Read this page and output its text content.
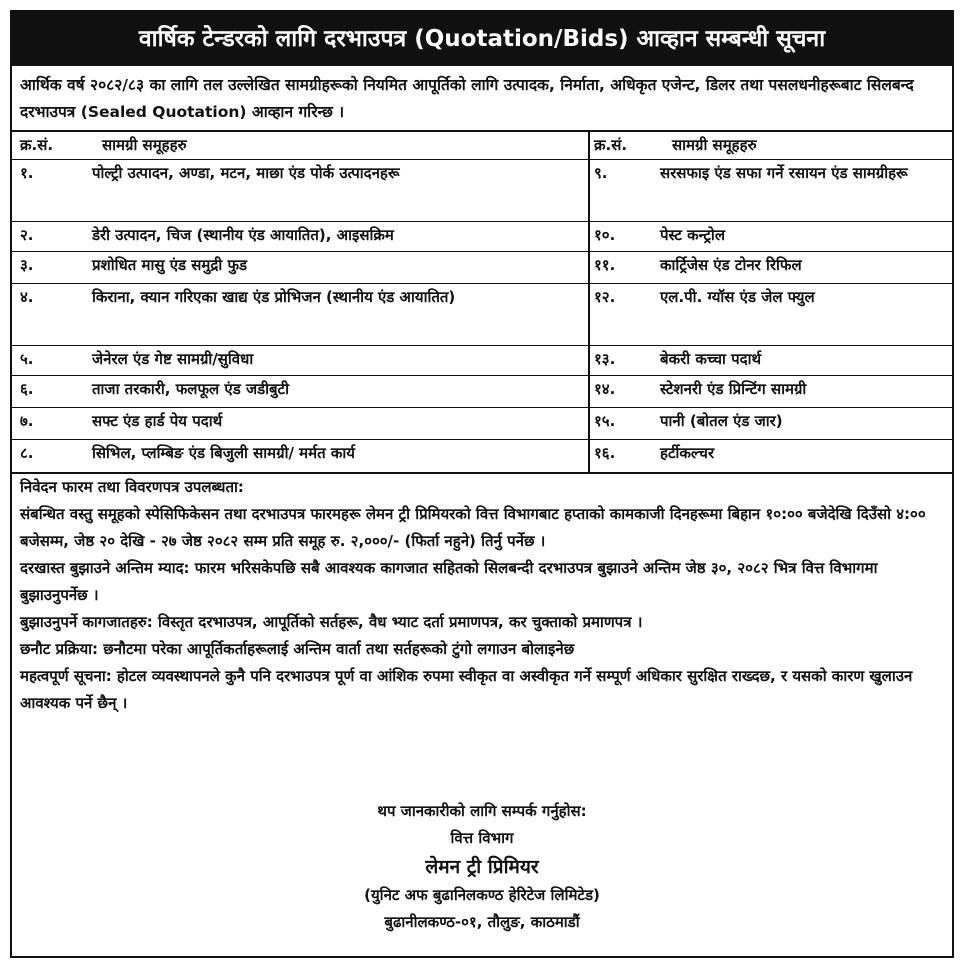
वार्षिक टेन्डरको लागि दरभाउपत्र (Quotation/Bids) आव्हान सम्बन्धी सूचना
आर्थिक वर्ष २०८२/८३ का लागि तल उल्लेखित सामग्रीहरूको नियमित आपूर्तिको लागि उत्पादक, निर्माता, अधिकृत एजेन्ट, डिलर तथा पसलधनीहरूबाट सिलबन्द दरभाउपत्र (Sealed Quotation) आव्हान गरिन्छ ।
क्र.सं.	सामग्री समूहहरु	क्र.सं.	सामग्री समूहहरु
१.	पोल्ट्री उत्पादन, अण्डा, मटन, माछा एंड पोर्क उत्पादनहरू	९.	सरसफाइ एंड सफा गर्ने रसायन एंड सामग्रीहरू
२.	डेरी उत्पादन, चिज (स्थानीय एंड आयातित), आइसक्रिम	१०.	पेस्ट कन्ट्रोल
३.	प्रशोधित मासु एंड समुद्री फुड	११.	कार्ट्रिजेस एंड टोनर रिफिल
४.	किराना, क्यान गरिएका खाद्य एंड प्रोभिजन (स्थानीय एंड आयातित)	१२.	एल.पी. ग्यॉस एंड जेल फ्युल
५.	जेनेरल एंड गेष्ट सामग्री/सुविधा	१३.	बेकरी कच्चा पदार्थ
६.	ताजा तरकारी, फलफूल एंड जडीबुटी	१४.	स्टेशनरी एंड प्रिन्टिंग सामग्री
७.	सफ्ट एंड हार्ड पेय पदार्थ	१५.	पानी (बोतल एंड जार)
८.	सिभिल, प्लम्बिङ एंड बिजुली सामग्री/ मर्मत कार्य	१६.	हर्टीकल्चर

निवेदन फारम तथा विवरणपत्र उपलब्धता:

संबन्धित वस्तु समूहको स्पेसिफिकेसन तथा दरभाउपत्र फारमहरू लेमन ट्री प्रिमियरको वित्त विभागबाट हप्ताको कामकाजी दिनहरूमा बिहान १०:०० बजेदेखि दिउँसो ४:०० बजेसम्म, जेष्ठ २० देखि - २७ जेष्ठ २०८२ सम्म प्रति समूह रु. २,०००/- (फिर्ता नहुने) तिर्नु पर्नेछ ।

दरखास्त बुझाउने अन्तिम म्याद: फारम भरिसकेपछि सबै आवश्यक कागजात सहितको सिलबन्दी दरभाउपत्र बुझाउने अन्तिम जेष्ठ ३०, २०८२ भित्र वित्त विभागमा बुझाउनुपर्नेछ ।

बुझाउनुपर्ने कागजातहरु: विस्तृत दरभाउपत्र, आपूर्तिको सर्तहरू, वैध भ्याट दर्ता प्रमाणपत्र, कर चुक्ताको प्रमाणपत्र ।

छनौट प्रक्रिया: छनौटमा परेका आपूर्तिकर्ताहरूलाई अन्तिम वार्ता तथा सर्तहरूको टुंगो लगाउन बोलाइनेछ

महत्वपूर्ण सूचना: होटल व्यवस्थापनले कुनै पनि दरभाउपत्र पूर्ण वा आंशिक रुपमा स्वीकृत वा अस्वीकृत गर्ने सम्पूर्ण अधिकार सुरक्षित राख्दछ, र यसको कारण खुलाउन आवश्यक पर्ने छैन् ।

थप जानकारीको लागि सम्पर्क गर्नुहोस:
वित्त विभाग
लेमन ट्री प्रिमियर
(युनिट अफ बुढानिलकण्ठ हेरिटेज लिमिटेड)
बुढानीलकण्ठ-०१, तौलुङ, काठमाडौं
